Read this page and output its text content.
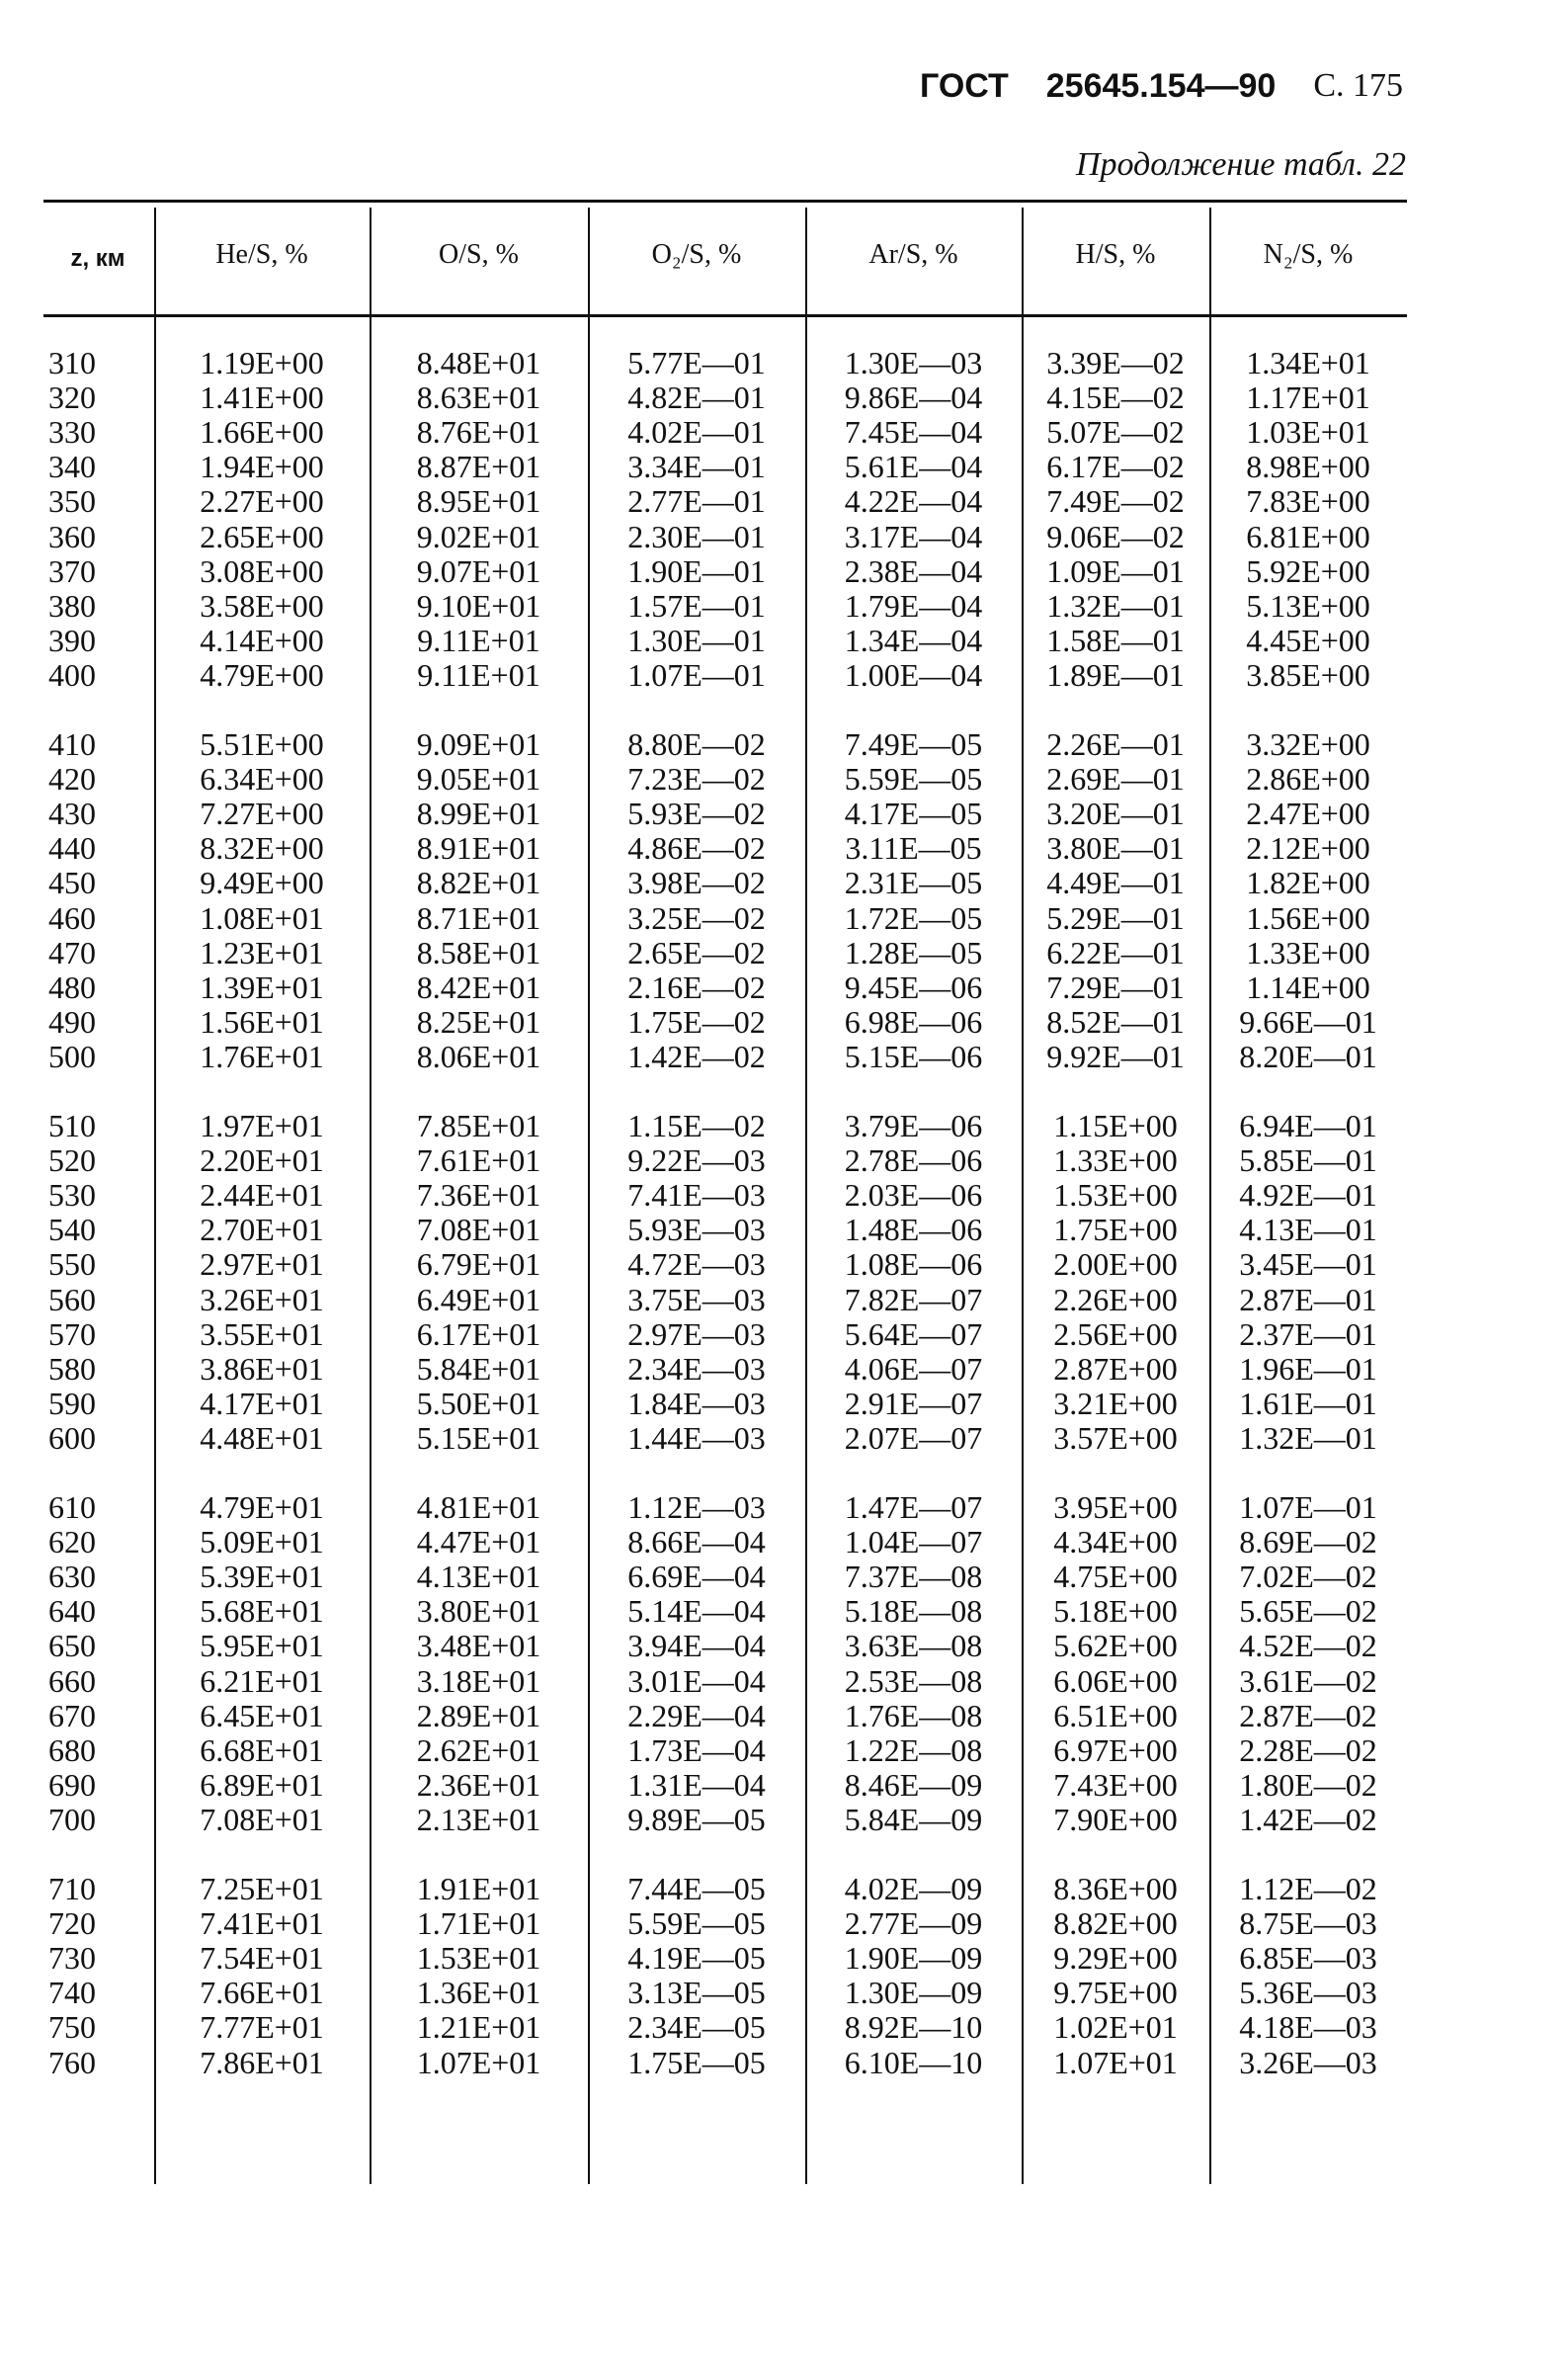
ГОСТ 25645.154—90 С. 175
Продолжение табл. 22
z, км	He/S, %	O/S, %	O₂/S, %	Ar/S, %	H/S, %	N₂/S, %
310	1.19E+00	8.48E+01	5.77E—01	1.30E—03	3.39E—02	1.34E+01
320	1.41E+00	8.63E+01	4.82E—01	9.86E—04	4.15E—02	1.17E+01
330	1.66E+00	8.76E+01	4.02E—01	7.45E—04	5.07E—02	1.03E+01
340	1.94E+00	8.87E+01	3.34E—01	5.61E—04	6.17E—02	8.98E+00
350	2.27E+00	8.95E+01	2.77E—01	4.22E—04	7.49E—02	7.83E+00
360	2.65E+00	9.02E+01	2.30E—01	3.17E—04	9.06E—02	6.81E+00
370	3.08E+00	9.07E+01	1.90E—01	2.38E—04	1.09E—01	5.92E+00
380	3.58E+00	9.10E+01	1.57E—01	1.79E—04	1.32E—01	5.13E+00
390	4.14E+00	9.11E+01	1.30E—01	1.34E—04	1.58E—01	4.45E+00
400	4.79E+00	9.11E+01	1.07E—01	1.00E—04	1.89E—01	3.85E+00
410	5.51E+00	9.09E+01	8.80E—02	7.49E—05	2.26E—01	3.32E+00
420	6.34E+00	9.05E+01	7.23E—02	5.59E—05	2.69E—01	2.86E+00
430	7.27E+00	8.99E+01	5.93E—02	4.17E—05	3.20E—01	2.47E+00
440	8.32E+00	8.91E+01	4.86E—02	3.11E—05	3.80E—01	2.12E+00
450	9.49E+00	8.82E+01	3.98E—02	2.31E—05	4.49E—01	1.82E+00
460	1.08E+01	8.71E+01	3.25E—02	1.72E—05	5.29E—01	1.56E+00
470	1.23E+01	8.58E+01	2.65E—02	1.28E—05	6.22E—01	1.33E+00
480	1.39E+01	8.42E+01	2.16E—02	9.45E—06	7.29E—01	1.14E+00
490	1.56E+01	8.25E+01	1.75E—02	6.98E—06	8.52E—01	9.66E—01
500	1.76E+01	8.06E+01	1.42E—02	5.15E—06	9.92E—01	8.20E—01
510	1.97E+01	7.85E+01	1.15E—02	3.79E—06	1.15E+00	6.94E—01
520	2.20E+01	7.61E+01	9.22E—03	2.78E—06	1.33E+00	5.85E—01
530	2.44E+01	7.36E+01	7.41E—03	2.03E—06	1.53E+00	4.92E—01
540	2.70E+01	7.08E+01	5.93E—03	1.48E—06	1.75E+00	4.13E—01
550	2.97E+01	6.79E+01	4.72E—03	1.08E—06	2.00E+00	3.45E—01
560	3.26E+01	6.49E+01	3.75E—03	7.82E—07	2.26E+00	2.87E—01
570	3.55E+01	6.17E+01	2.97E—03	5.64E—07	2.56E+00	2.37E—01
580	3.86E+01	5.84E+01	2.34E—03	4.06E—07	2.87E+00	1.96E—01
590	4.17E+01	5.50E+01	1.84E—03	2.91E—07	3.21E+00	1.61E—01
600	4.48E+01	5.15E+01	1.44E—03	2.07E—07	3.57E+00	1.32E—01
610	4.79E+01	4.81E+01	1.12E—03	1.47E—07	3.95E+00	1.07E—01
620	5.09E+01	4.47E+01	8.66E—04	1.04E—07	4.34E+00	8.69E—02
630	5.39E+01	4.13E+01	6.69E—04	7.37E—08	4.75E+00	7.02E—02
640	5.68E+01	3.80E+01	5.14E—04	5.18E—08	5.18E+00	5.65E—02
650	5.95E+01	3.48E+01	3.94E—04	3.63E—08	5.62E+00	4.52E—02
660	6.21E+01	3.18E+01	3.01E—04	2.53E—08	6.06E+00	3.61E—02
670	6.45E+01	2.89E+01	2.29E—04	1.76E—08	6.51E+00	2.87E—02
680	6.68E+01	2.62E+01	1.73E—04	1.22E—08	6.97E+00	2.28E—02
690	6.89E+01	2.36E+01	1.31E—04	8.46E—09	7.43E+00	1.80E—02
700	7.08E+01	2.13E+01	9.89E—05	5.84E—09	7.90E+00	1.42E—02
710	7.25E+01	1.91E+01	7.44E—05	4.02E—09	8.36E+00	1.12E—02
720	7.41E+01	1.71E+01	5.59E—05	2.77E—09	8.82E+00	8.75E—03
730	7.54E+01	1.53E+01	4.19E—05	1.90E—09	9.29E+00	6.85E—03
740	7.66E+01	1.36E+01	3.13E—05	1.30E—09	9.75E+00	5.36E—03
750	7.77E+01	1.21E+01	2.34E—05	8.92E—10	1.02E+01	4.18E—03
760	7.86E+01	1.07E+01	1.75E—05	6.10E—10	1.07E+01	3.26E—03
